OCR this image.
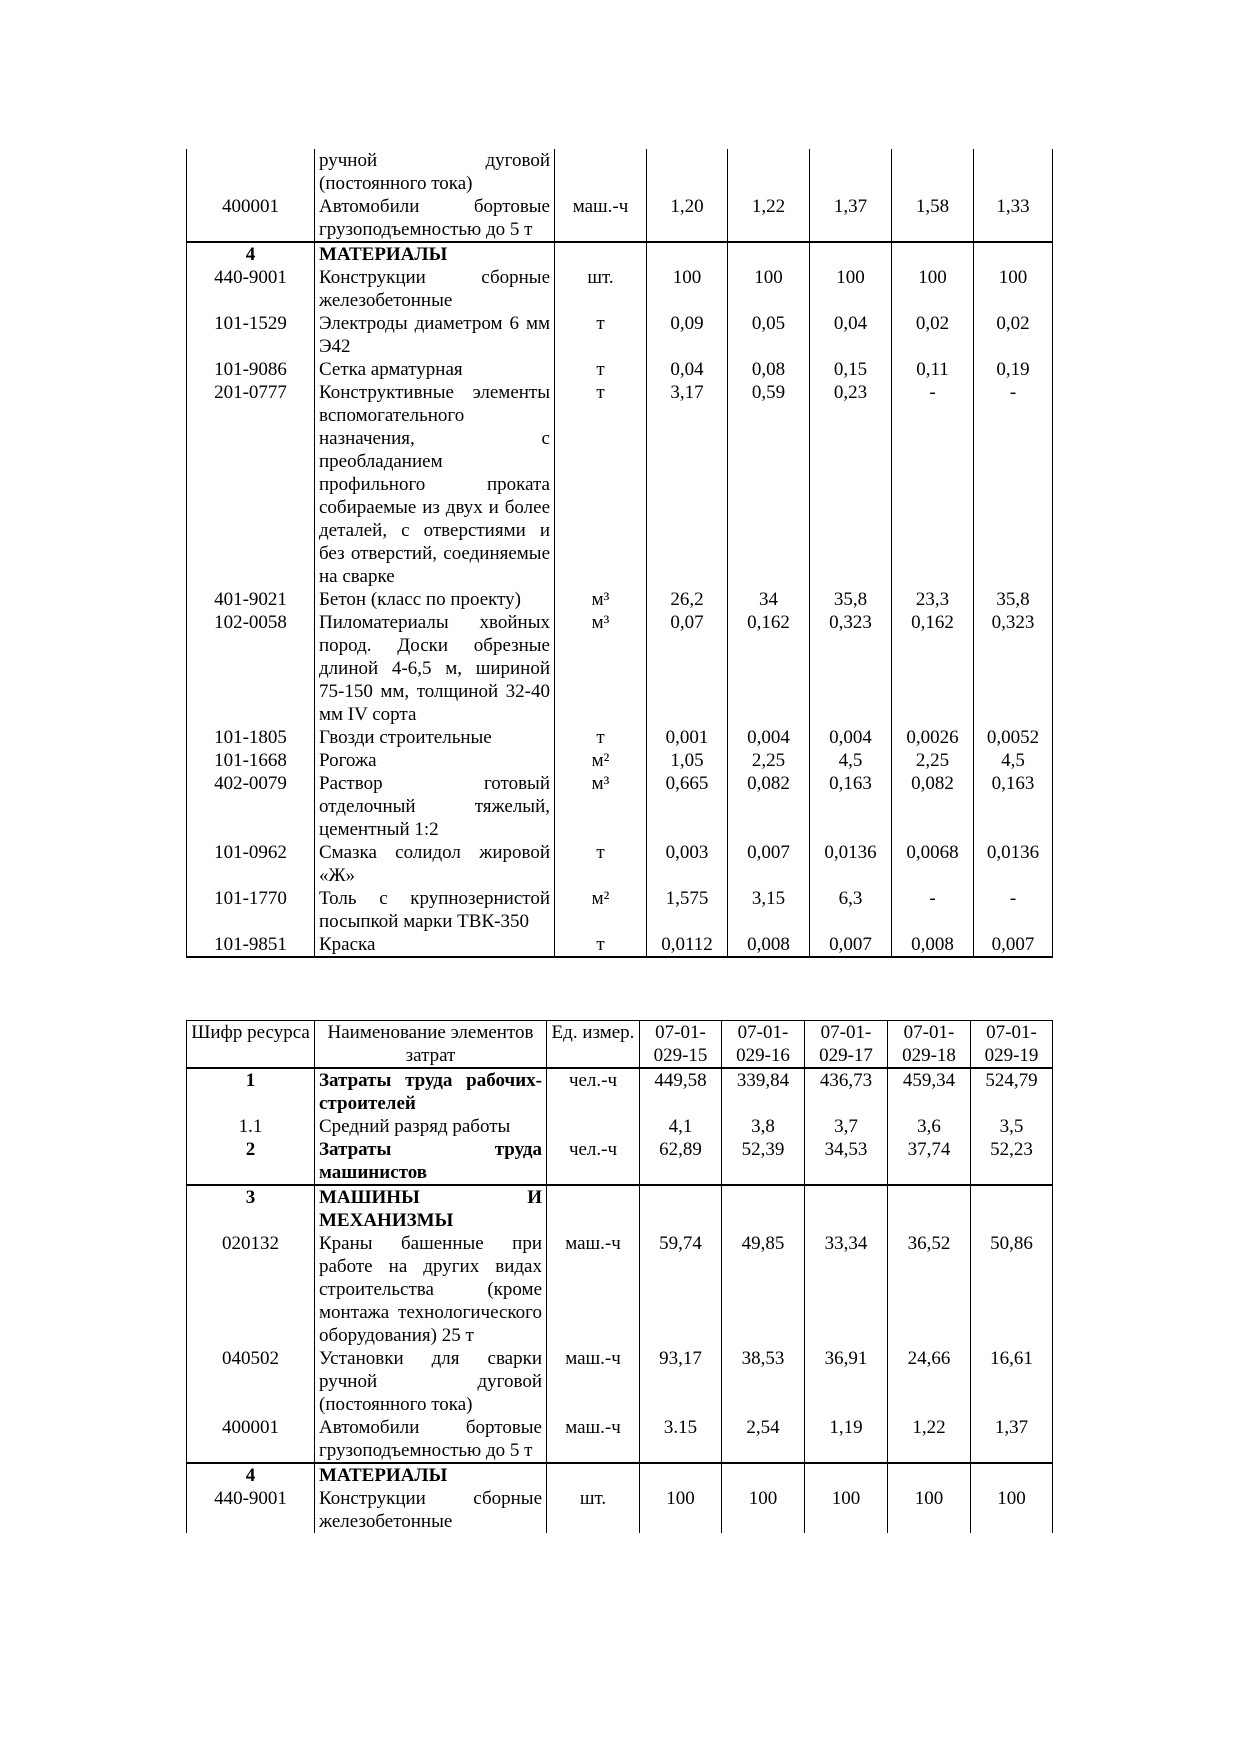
	ручной дуговой (постоянного тока)						
400001	Автомобили бортовые грузоподъемностью до 5 т	маш.-ч	1,20	1,22	1,37	1,58	1,33
4	МАТЕРИАЛЫ						
440-9001	Конструкции сборные железобетонные	шт.	100	100	100	100	100
101-1529	Электроды диаметром 6 мм Э42	т	0,09	0,05	0,04	0,02	0,02
101-9086	Сетка арматурная	т	0,04	0,08	0,15	0,11	0,19
201-0777	Конструктивные элементы вспомогательного назначения, с преобладанием профильного проката собираемые из двух и более деталей, с отверстиями и без отверстий, соединяемые на сварке	т	3,17	0,59	0,23	-	-
401-9021	Бетон (класс по проекту)	м³	26,2	34	35,8	23,3	35,8
102-0058	Пиломатериалы хвойных пород. Доски обрезные длиной 4-6,5 м, шириной 75-150 мм, толщиной 32-40 мм IV сорта	м³	0,07	0,162	0,323	0,162	0,323
101-1805	Гвозди строительные	т	0,001	0,004	0,004	0,0026	0,0052
101-1668	Рогожа	м²	1,05	2,25	4,5	2,25	4,5
402-0079	Раствор готовый отделочный тяжелый, цементный 1:2	м³	0,665	0,082	0,163	0,082	0,163
101-0962	Смазка солидол жировой «Ж»	т	0,003	0,007	0,0136	0,0068	0,0136
101-1770	Толь с крупнозернистой посыпкой марки ТВК-350	м²	1,575	3,15	6,3	-	-
101-9851	Краска	т	0,0112	0,008	0,007	0,008	0,007
Шифр ресурса	Наименование элементов затрат	Ед. измер.	07-01-029-15	07-01-029-16	07-01-029-17	07-01-029-18	07-01-029-19
1	Затраты труда рабочих-строителей	чел.-ч	449,58	339,84	436,73	459,34	524,79
1.1	Средний разряд работы		4,1	3,8	3,7	3,6	3,5
2	Затраты труда машинистов	чел.-ч	62,89	52,39	34,53	37,74	52,23
3	МАШИНЫ И МЕХАНИЗМЫ						
020132	Краны башенные при работе на других видах строительства (кроме монтажа технологического оборудования) 25 т	маш.-ч	59,74	49,85	33,34	36,52	50,86
040502	Установки для сварки ручной дуговой (постоянного тока)	маш.-ч	93,17	38,53	36,91	24,66	16,61
400001	Автомобили бортовые грузоподъемностью до 5 т	маш.-ч	3.15	2,54	1,19	1,22	1,37
4	МАТЕРИАЛЫ						
440-9001	Конструкции сборные железобетонные	шт.	100	100	100	100	100
